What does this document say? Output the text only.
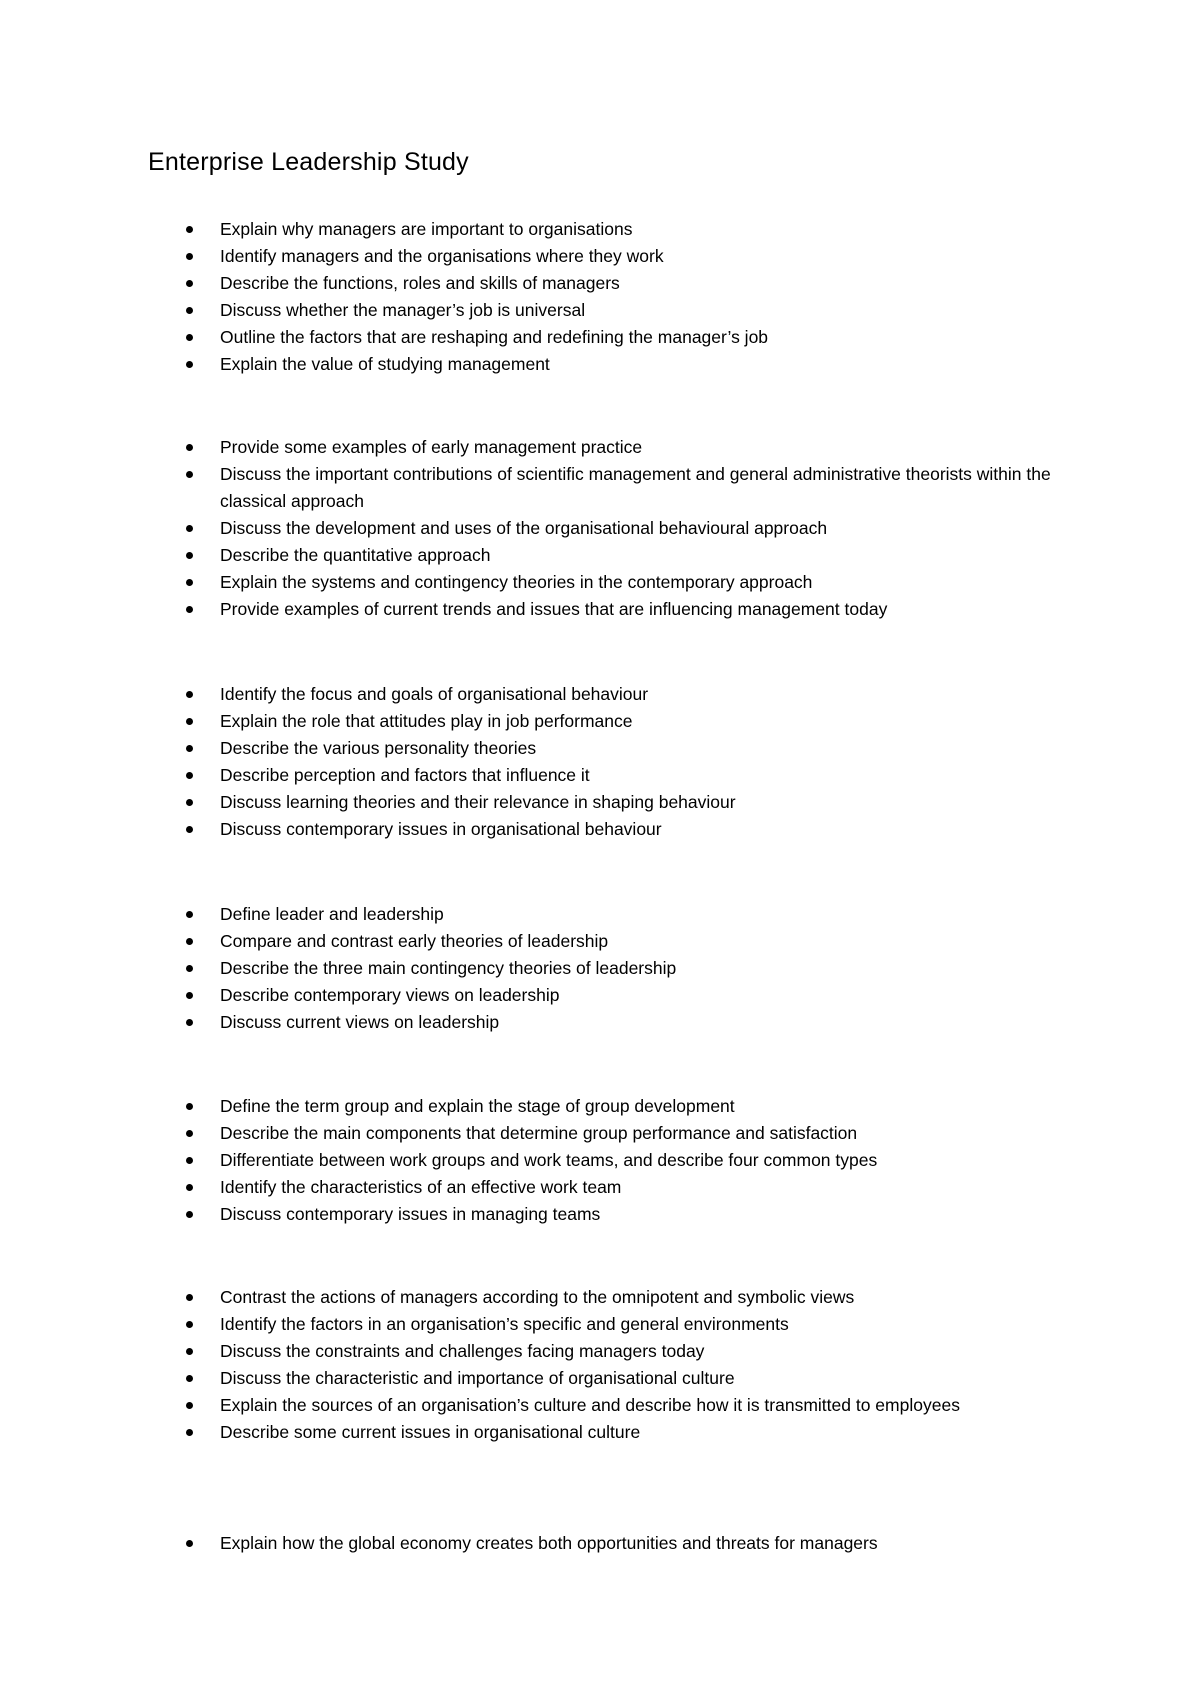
Enterprise Leadership Study
Explain why managers are important to organisations
Identify managers and the organisations where they work
Describe the functions, roles and skills of managers
Discuss whether the manager’s job is universal
Outline the factors that are reshaping and redefining the manager’s job
Explain the value of studying management
Provide some examples of early management practice
Discuss the important contributions of scientific management and general administrative theorists within the classical approach
Discuss the development and uses of the organisational behavioural approach
Describe the quantitative approach
Explain the systems and contingency theories in the contemporary approach
Provide examples of current trends and issues that are influencing management today
Identify the focus and goals of organisational behaviour
Explain the role that attitudes play in job performance
Describe the various personality theories
Describe perception and factors that influence it
Discuss learning theories and their relevance in shaping behaviour
Discuss contemporary issues in organisational behaviour
Define leader and leadership
Compare and contrast early theories of leadership
Describe the three main contingency theories of leadership
Describe contemporary views on leadership
Discuss current views on leadership
Define the term group and explain the stage of group development
Describe the main components that determine group performance and satisfaction
Differentiate between work groups and work teams, and describe four common types
Identify the characteristics of an effective work team
Discuss contemporary issues in managing teams
Contrast the actions of managers according to the omnipotent and symbolic views
Identify the factors in an organisation’s specific and general environments
Discuss the constraints and challenges facing managers today
Discuss the characteristic and importance of organisational culture
Explain the sources of an organisation’s culture and describe how it is transmitted to employees
Describe some current issues in organisational culture
Explain how the global economy creates both opportunities and threats for managers
